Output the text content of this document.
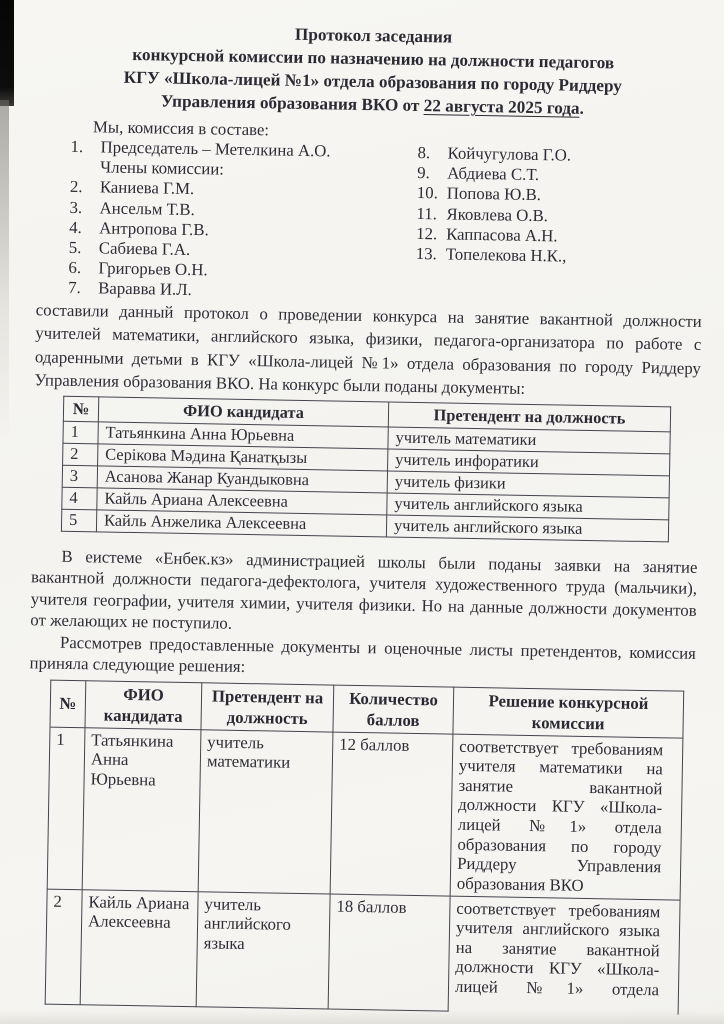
Протокол заседания
конкурсной комиссии по назначению на должности педагогов
КГУ «Школа-лицей №1» отдела образования по городу Риддеру
Управления образования ВКО от 22 августа 2025 года.
Мы, комиссия в составе:
1.	Председатель – Метелкина А.О.
Члены комиссии:
2.	Каниева Г.М.
3.	Ансельм Т.В.
4.	Антропова Г.В.
5.	Сабиева Г.А.
6.	Григорьев О.Н.
7.	Варавва И.Л.
8.	Койчугулова Г.О.
9.	Абдиева С.Т.
10. Попова Ю.В.
11. Яковлева О.В.
12. Каппасова А.Н.
13. Топелекова Н.К.,
составили данный протокол о проведении конкурса на занятие вакантной должности учителей математики, английского языка, физики, педагога-организатора по работе с одаренными детьми в КГУ «Школа-лицей №1» отдела образования по городу Риддеру Управления образования ВКО. На конкурс были поданы документы:
№	ФИО кандидата	Претендент на должность
1	Татьянкина Анна Юрьевна	учитель математики
2	Серікова Мәдина Қанатқызы	учитель инфоратики
3	Асанова Жанар Куандыковна	учитель физики
4	Кайль Ариана Алексеевна	учитель английского языка
5	Кайль Анжелика Алексеевна	учитель английского языка
В еистеме «Енбек.кз» администрацией школы были поданы заявки на занятие вакантной должности педагога-дефектолога, учителя художественного труда (мальчики), учителя географии, учителя химии, учителя физики. Но на данные должности документов от желающих не поступило.
Рассмотрев предоставленные документы и оценочные листы претендентов, комиссия приняла следующие решения:
№	ФИО кандидата	Претендент на должность	Количество баллов	Решение конкурсной комиссии
1	Татьянкина Анна Юрьевна	учитель математики	12 баллов	соответствует требованиям учителя математики на занятие вакантной должности КГУ «Школа-лицей №1» отдела образования по городу Риддеру Управления образования ВКО
2	Кайль Ариана Алексеевна	учитель английского языка	18 баллов	соответствует требованиям учителя английского языка на занятие вакантной должности КГУ «Школа-лицей №1» отдела
